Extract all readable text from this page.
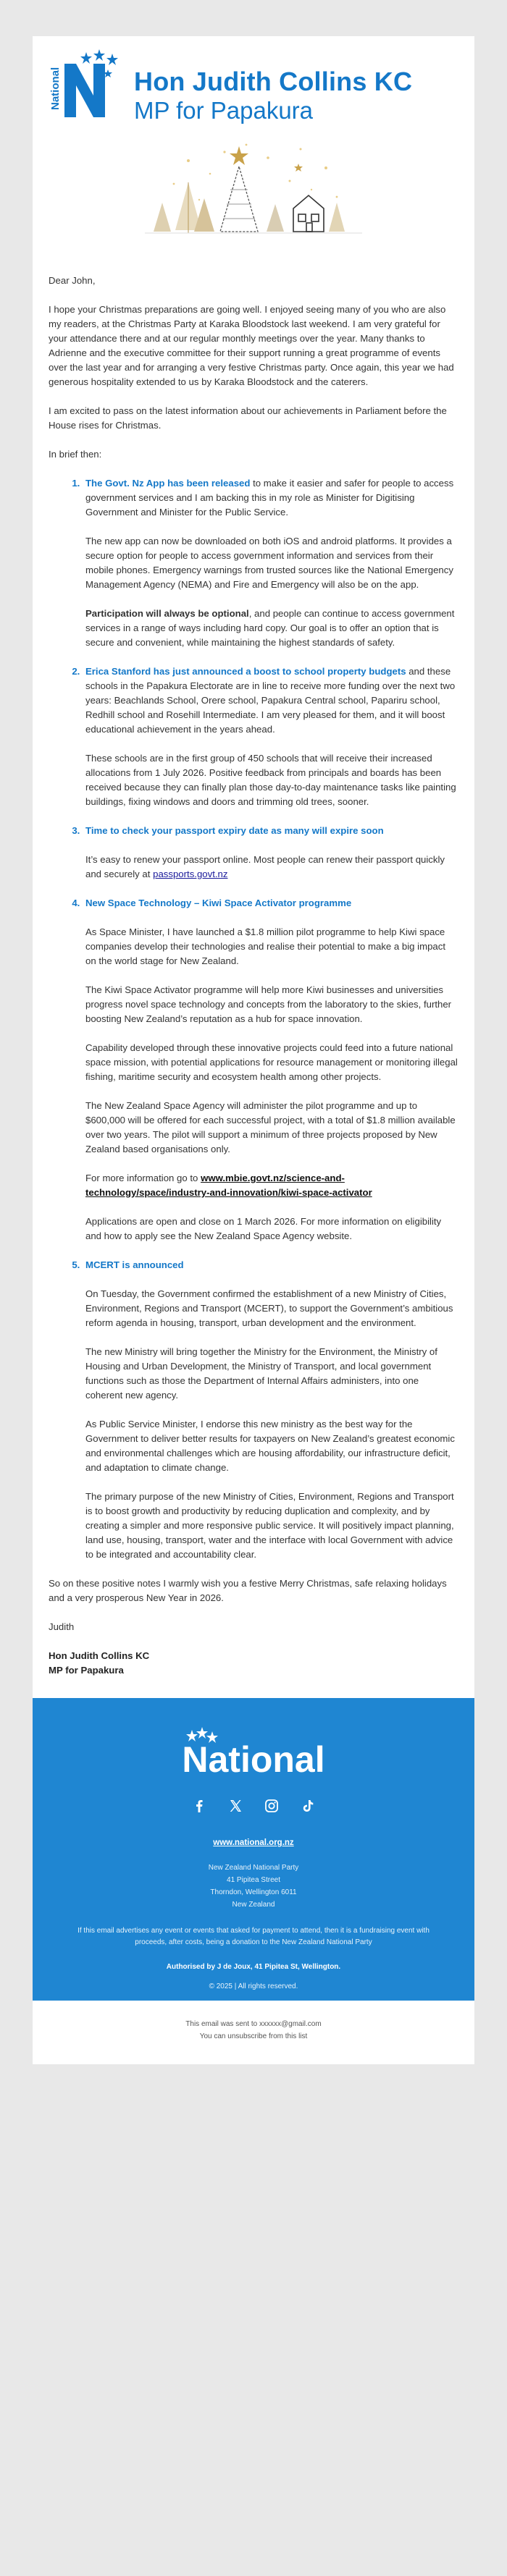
National	Hon Judith Collins KC
MP for Papakura

Dear John,

I hope your Christmas preparations are going well. I enjoyed seeing many of you who are also my readers, at the Christmas Party at Karaka Bloodstock last weekend. I am very grateful for your attendance there and at our regular monthly meetings over the year. Many thanks to Adrienne and the executive committee for their support running a great programme of events over the last year and for arranging a very festive Christmas party. Once again, this year we had generous hospitality extended to us by Karaka Bloodstock and the caterers.

I am excited to pass on the latest information about our achievements in Parliament before the House rises for Christmas.

In brief then:

1. The Govt. Nz App has been released to make it easier and safer for people to access government services and I am backing this in my role as Minister for Digitising Government and Minister for the Public Service.

The new app can now be downloaded on both iOS and android platforms. It provides a secure option for people to access government information and services from their mobile phones. Emergency warnings from trusted sources like the National Emergency Management Agency (NEMA) and Fire and Emergency will also be on the app.

Participation will always be optional, and people can continue to access government services in a range of ways including hard copy. Our goal is to offer an option that is secure and convenient, while maintaining the highest standards of safety.

2. Erica Stanford has just announced a boost to school property budgets and these schools in the Papakura Electorate are in line to receive more funding over the next two years: Beachlands School, Orere school, Papakura Central school, Papariru school, Redhill school and Rosehill Intermediate. I am very pleased for them, and it will boost educational achievement in the years ahead.

These schools are in the first group of 450 schools that will receive their increased allocations from 1 July 2026. Positive feedback from principals and boards has been received because they can finally plan those day-to-day maintenance tasks like painting buildings, fixing windows and doors and trimming old trees, sooner.

3. Time to check your passport expiry date as many will expire soon

It’s easy to renew your passport online. Most people can renew their passport quickly and securely at passports.govt.nz

4. New Space Technology – Kiwi Space Activator programme

As Space Minister, I have launched a $1.8 million pilot programme to help Kiwi space companies develop their technologies and realise their potential to make a big impact on the world stage for New Zealand.

The Kiwi Space Activator programme will help more Kiwi businesses and universities progress novel space technology and concepts from the laboratory to the skies, further boosting New Zealand’s reputation as a hub for space innovation.

Capability developed through these innovative projects could feed into a future national space mission, with potential applications for resource management or monitoring illegal fishing, maritime security and ecosystem health among other projects.

The New Zealand Space Agency will administer the pilot programme and up to $600,000 will be offered for each successful project, with a total of $1.8 million available over two years. The pilot will support a minimum of three projects proposed by New Zealand based organisations only.

For more information go to www.mbie.govt.nz/science-and-technology/space/industry-and-innovation/kiwi-space-activator

Applications are open and close on 1 March 2026. For more information on eligibility and how to apply see the New Zealand Space Agency website.

5. MCERT is announced

On Tuesday, the Government confirmed the establishment of a new Ministry of Cities, Environment, Regions and Transport (MCERT), to support the Government’s ambitious reform agenda in housing, transport, urban development and the environment.

The new Ministry will bring together the Ministry for the Environment, the Ministry of Housing and Urban Development, the Ministry of Transport, and local government functions such as those the Department of Internal Affairs administers, into one coherent new agency.

As Public Service Minister, I endorse this new ministry as the best way for the Government to deliver better results for taxpayers on New Zealand’s greatest economic and environmental challenges which are housing affordability, our infrastructure deficit, and adaptation to climate change.

The primary purpose of the new Ministry of Cities, Environment, Regions and Transport is to boost growth and productivity by reducing duplication and complexity, and by creating a simpler and more responsive public service. It will positively impact planning, land use, housing, transport, water and the interface with local Government with advice to be integrated and accountability clear.

So on these positive notes I warmly wish you a festive Merry Christmas, safe relaxing holidays and a very prosperous New Year in 2026.

Judith

Hon Judith Collins KC
MP for Papakura
National
www.national.org.nz
New Zealand National Party
41 Pipitea Street
Thorndon, Wellington 6011
New Zealand
If this email advertises any event or events that asked for payment to attend, then it is a fundraising event with proceeds, after costs, being a donation to the New Zealand National Party
Authorised by J de Joux, 41 Pipitea St, Wellington.
© 2025 | All rights reserved.
This email was sent to xxxxxx@gmail.com
You can unsubscribe from this list
